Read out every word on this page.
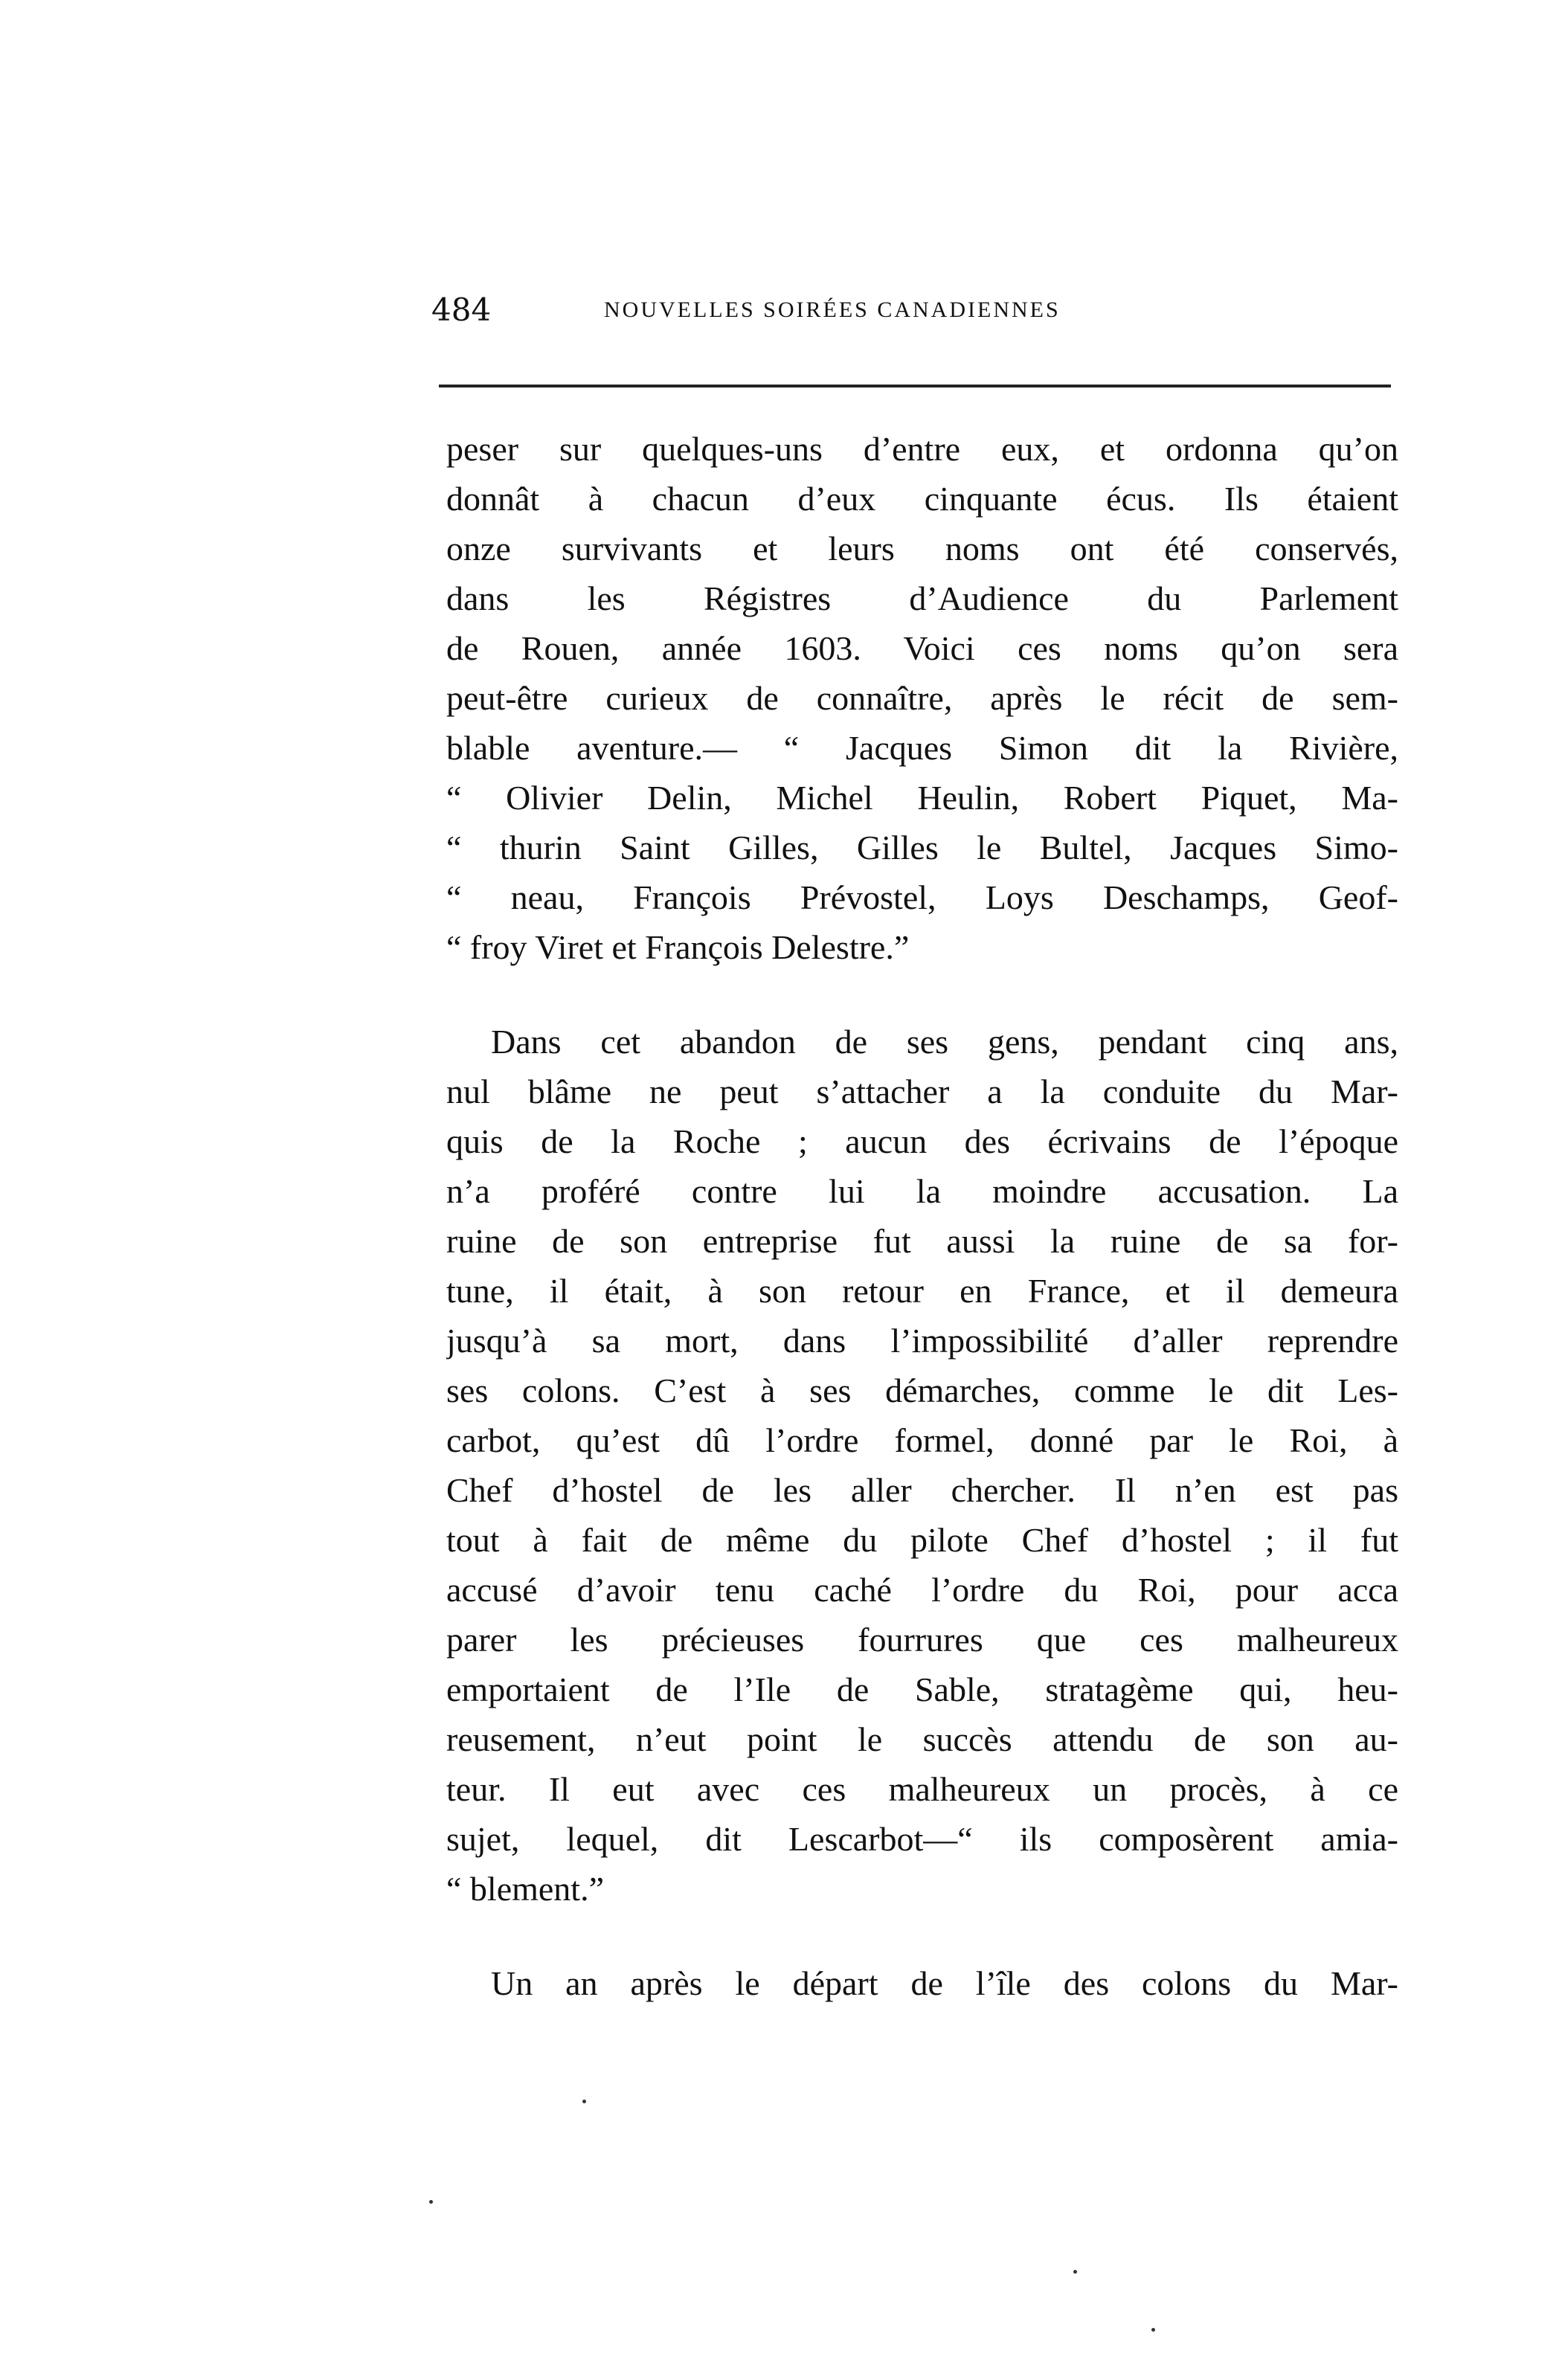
484	NOUVELLES SOIRÉES CANADIENNES
peser sur quelques-uns d’entre eux, et ordonna qu’on
donnât à chacun d’eux cinquante écus. Ils étaient
onze survivants et leurs noms ont été conservés,
dans les Régistres d’Audience du Parlement
de Rouen, année 1603. Voici ces noms qu’on sera
peut-être curieux de connaître, après le récit de sem-
blable aventure.— “ Jacques Simon dit la Rivière,
“ Olivier Delin, Michel Heulin, Robert Piquet, Ma-
“ thurin Saint Gilles, Gilles le Bultel, Jacques Simo-
“ neau, François Prévostel, Loys Deschamps, Geof-
“ froy Viret et François Delestre.”
Dans cet abandon de ses gens, pendant cinq ans,
nul blâme ne peut s’attacher a la conduite du Mar-
quis de la Roche ; aucun des écrivains de l’époque
n’a proféré contre lui la moindre accusation. La
ruine de son entreprise fut aussi la ruine de sa for-
tune, il était, à son retour en France, et il demeura
jusqu’à sa mort, dans l’impossibilité d’aller reprendre
ses colons. C’est à ses démarches, comme le dit Les-
carbot, qu’est dû l’ordre formel, donné par le Roi, à
Chef d’hostel de les aller chercher. Il n’en est pas
tout à fait de même du pilote Chef d’hostel ; il fut
accusé d’avoir tenu caché l’ordre du Roi, pour acca
parer les précieuses fourrures que ces malheureux
emportaient de l’Ile de Sable, stratagème qui, heu-
reusement, n’eut point le succès attendu de son au-
teur. Il eut avec ces malheureux un procès, à ce
sujet, lequel, dit Lescarbot—“ ils composèrent amia-
“ blement.”
Un an après le départ de l’île des colons du Mar-
